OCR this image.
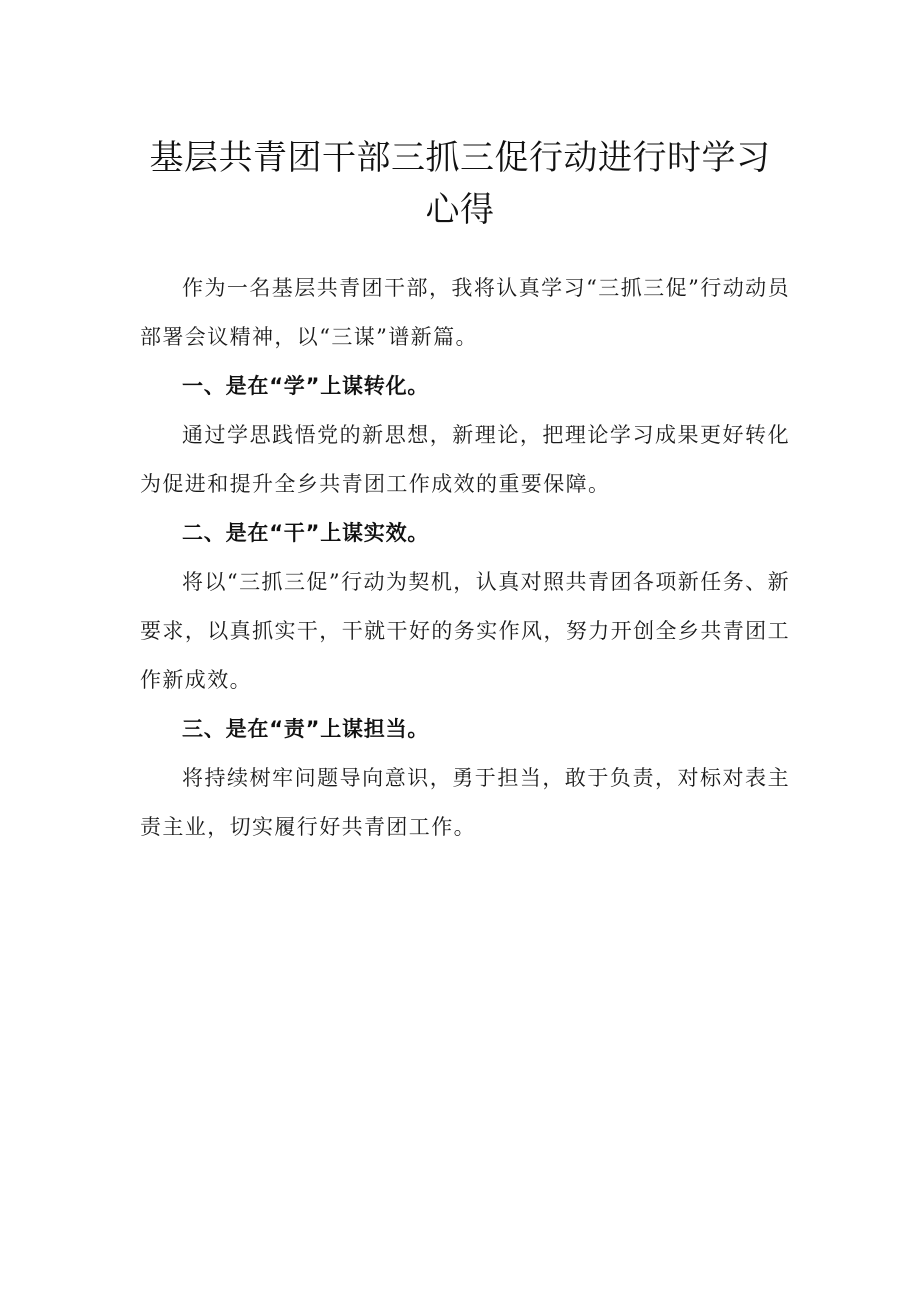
基层共青团干部三抓三促行动进行时学习
心得

作为一名基层共青团干部，我将认真学习“三抓三促”行动动员部署会议精神，以“三谋”谱新篇。

一、是在“学”上谋转化。

通过学思践悟党的新思想，新理论，把理论学习成果更好转化为促进和提升全乡共青团工作成效的重要保障。

二、是在“干”上谋实效。

将以“三抓三促”行动为契机，认真对照共青团各项新任务、新要求，以真抓实干，干就干好的务实作风，努力开创全乡共青团工作新成效。

三、是在“责”上谋担当。

将持续树牢问题导向意识，勇于担当，敢于负责，对标对表主责主业，切实履行好共青团工作。
